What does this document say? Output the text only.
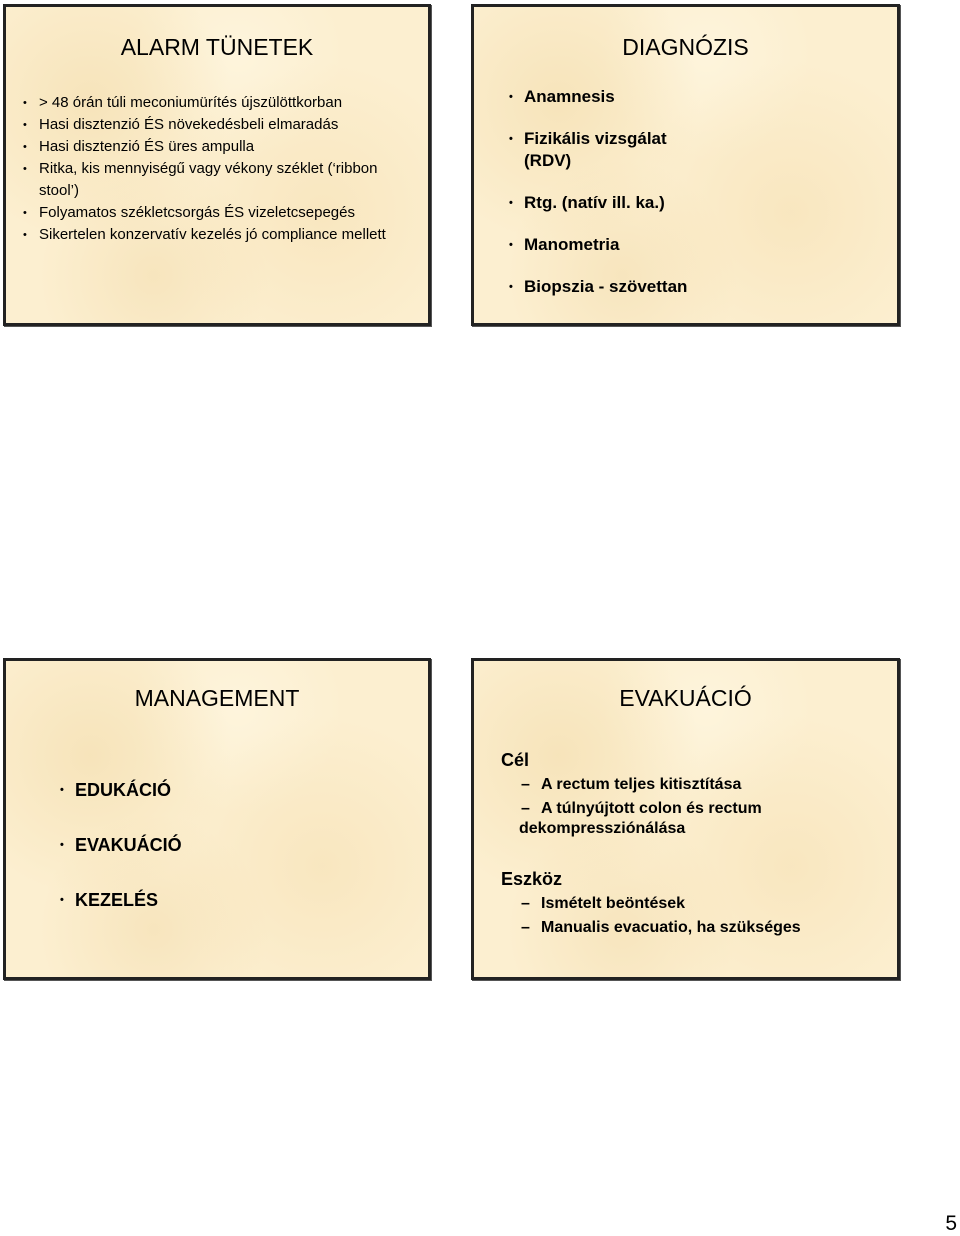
ALARM TÜNETEK
• > 48 órán túli meconiumürítés újszülöttkorban
• Hasi disztenzió ÉS növekedésbeli elmaradás
• Hasi disztenzió ÉS üres ampulla
• Ritka, kis mennyiségű vagy vékony széklet (‘ribbon stool’)
• Folyamatos székletcsorgás ÉS vizeletcsepegés
• Sikertelen konzervatív kezelés jó compliance mellett
DIAGNÓZIS
• Anamnesis
• Fizikális vizsgálat (RDV)
• Rtg. (natív ill. ka.)
• Manometria
• Biopszia - szövettan
MANAGEMENT
• EDUKÁCIÓ
• EVAKUÁCIÓ
• KEZELÉS
EVAKUÁCIÓ

Cél

– A rectum teljes kitisztítása
– A túlnyújtott colon és rectum
dekompressziónálása

Eszköz

– Ismételt beöntések
– Manualis evacuatio, ha szükséges
5
